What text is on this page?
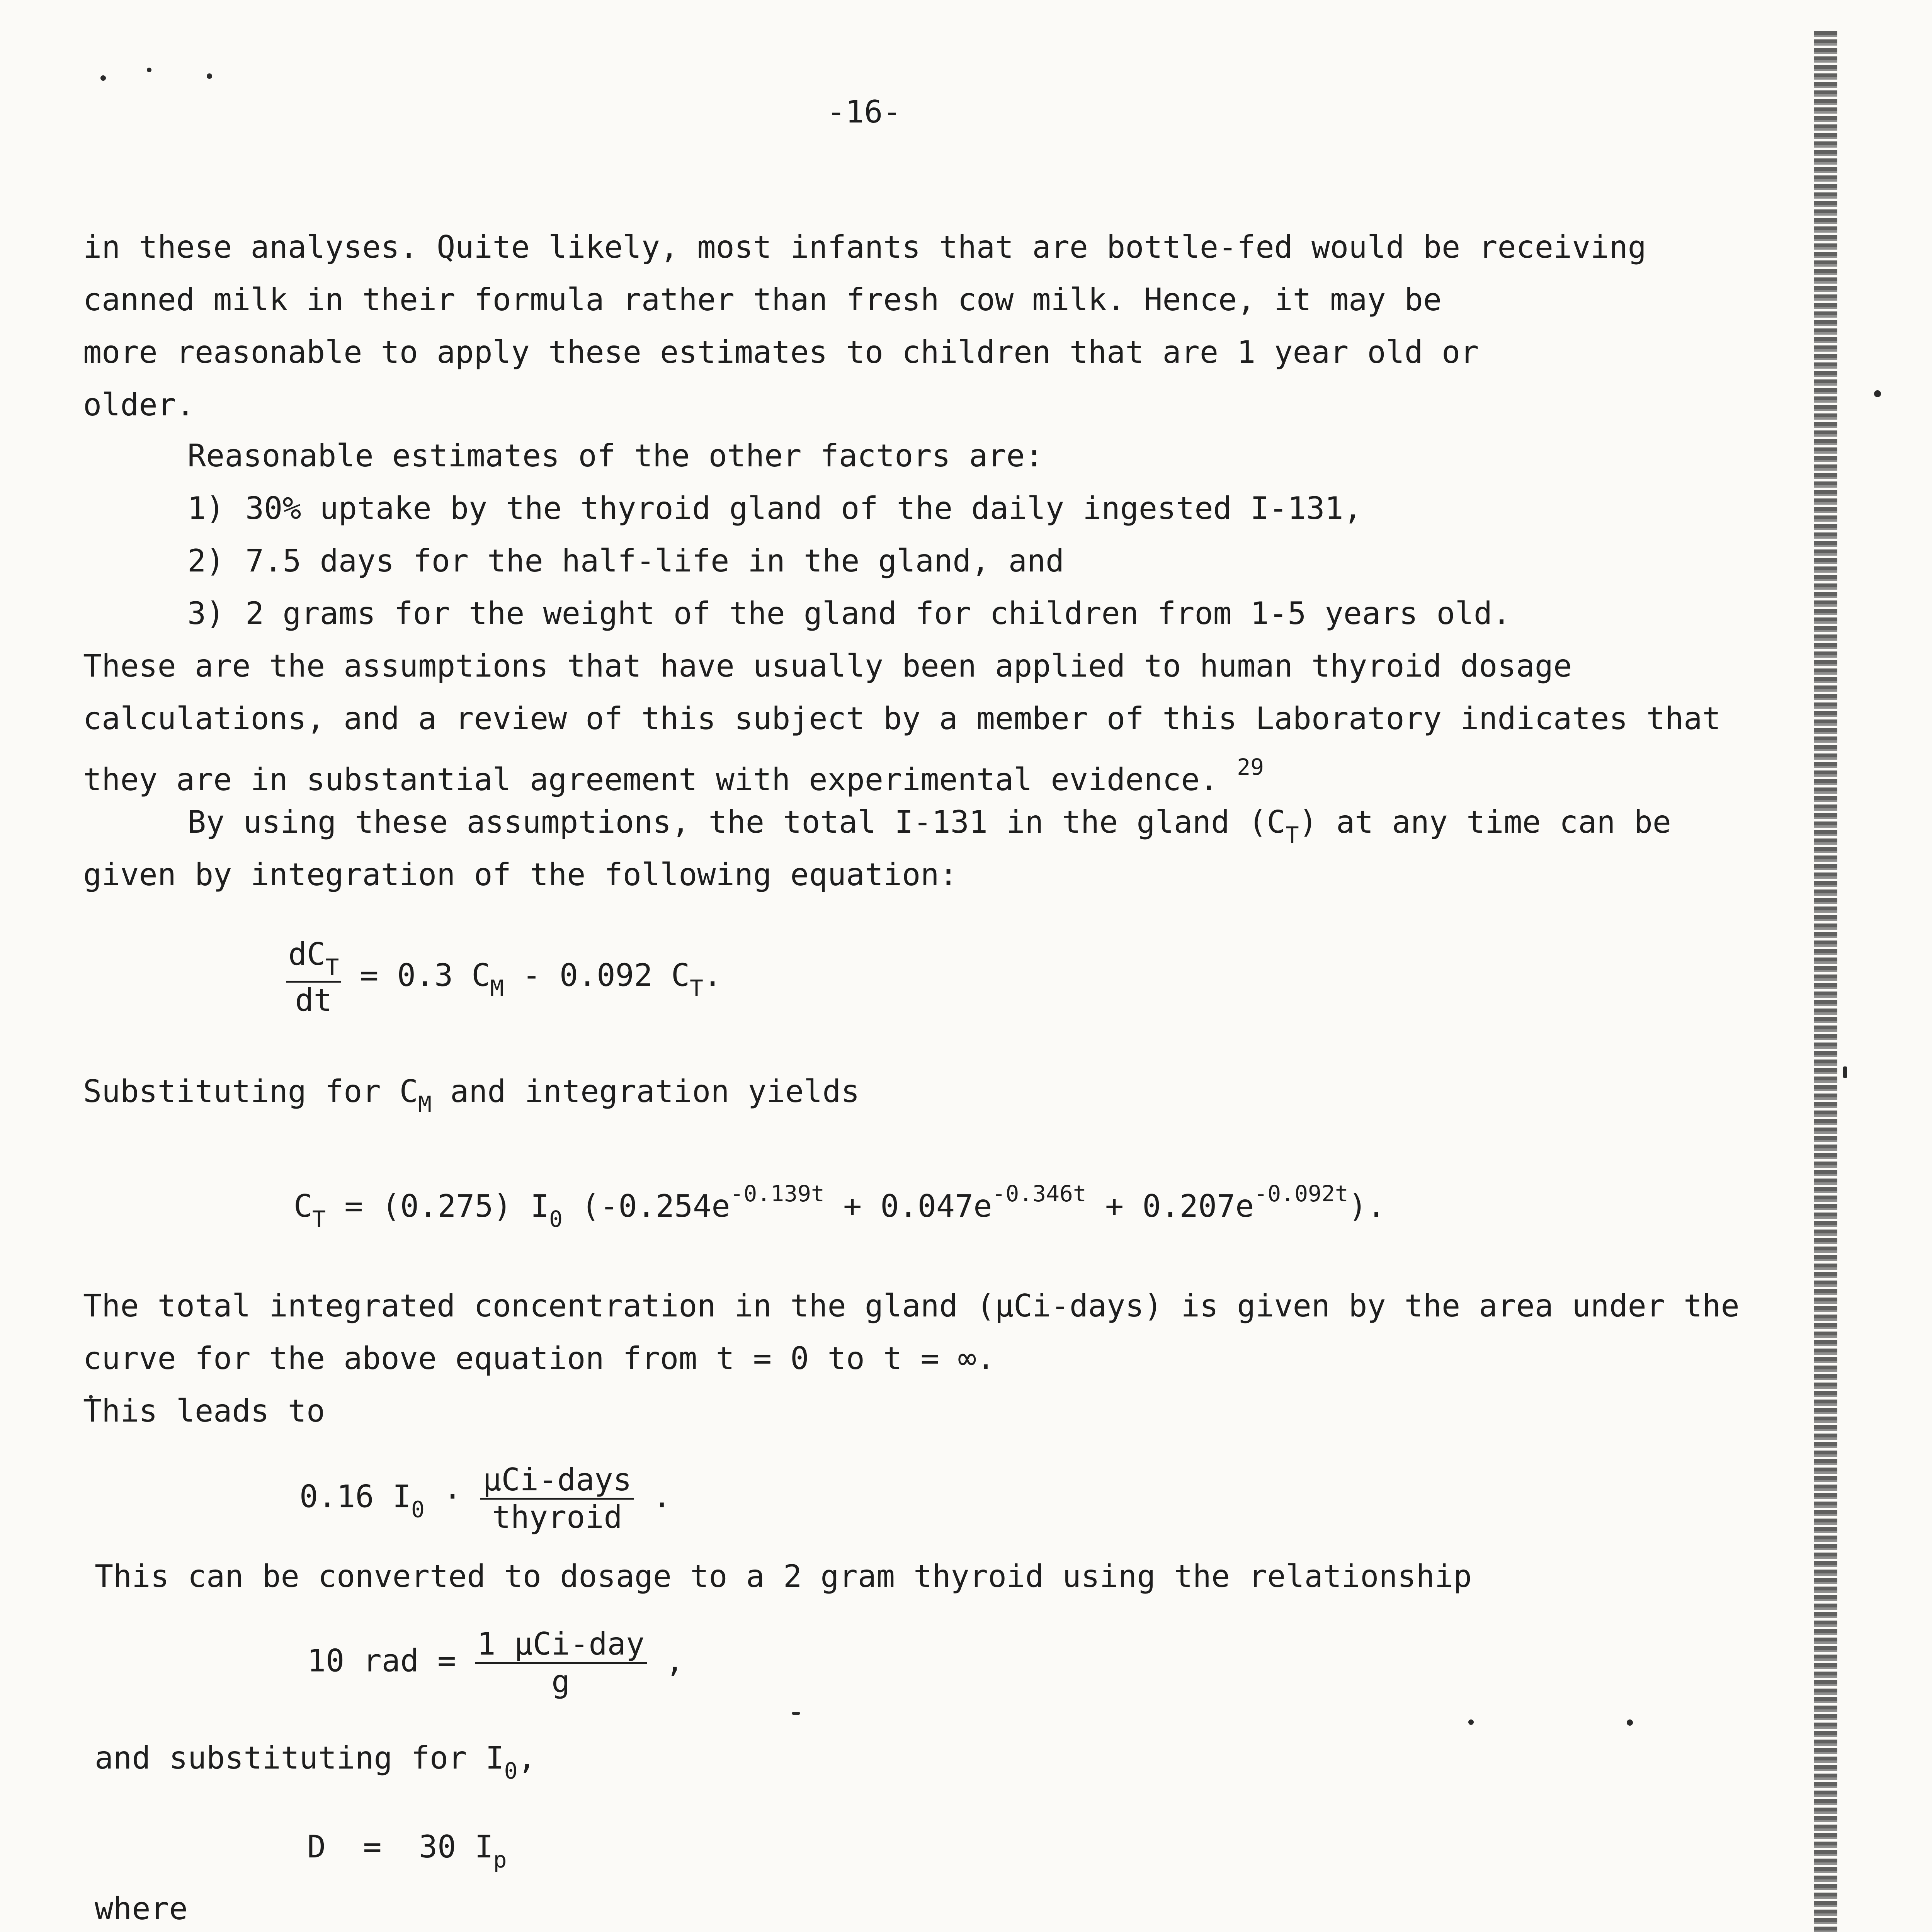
-16-
in these analyses. Quite likely, most infants that are bottle-fed would be receiving
canned milk in their formula rather than fresh cow milk. Hence, it may be
more reasonable to apply these estimates to children that are 1 year old or
older.
Reasonable estimates of the other factors are:
1) 30% uptake by the thyroid gland of the daily ingested I-131,
2) 7.5 days for the half-life in the gland, and
3) 2 grams for the weight of the gland for children from 1-5 years old.
These are the assumptions that have usually been applied to human thyroid dosage
calculations, and a review of this subject by a member of this Laboratory indicates that
they are in substantial agreement with experimental evidence. $^{29}$
By using these assumptions, the total I-131 in the gland $(C_T)$ at any time can be
given by integration of the following equation:
$\frac{dC_T}{dt} = 0.3$ $C_M - 0.092$ $C_T$.
Substituting for $C_M$ and integration yields
$C_T = (0.275)$ $I_0$ $(-0.254e^{-0.139t} + 0.047e^{-0.346t} + 0.207e^{-0.092t})$.
The total integrated concentration in the gland (µCi-days) is given by the area under the
curve for the above equation from t = 0 to t = ∞.
This leads to
0.16 $I_0 \cdot \frac{\text{µCi-days}}{\text{thyroid}}$ .
This can be converted to dosage to a 2 gram thyroid using the relationship
10 rad = $\frac{\text{1 µCi-day}}{g}$ ,
and substituting for $I_0$,
D = 30 $I_p$
where
